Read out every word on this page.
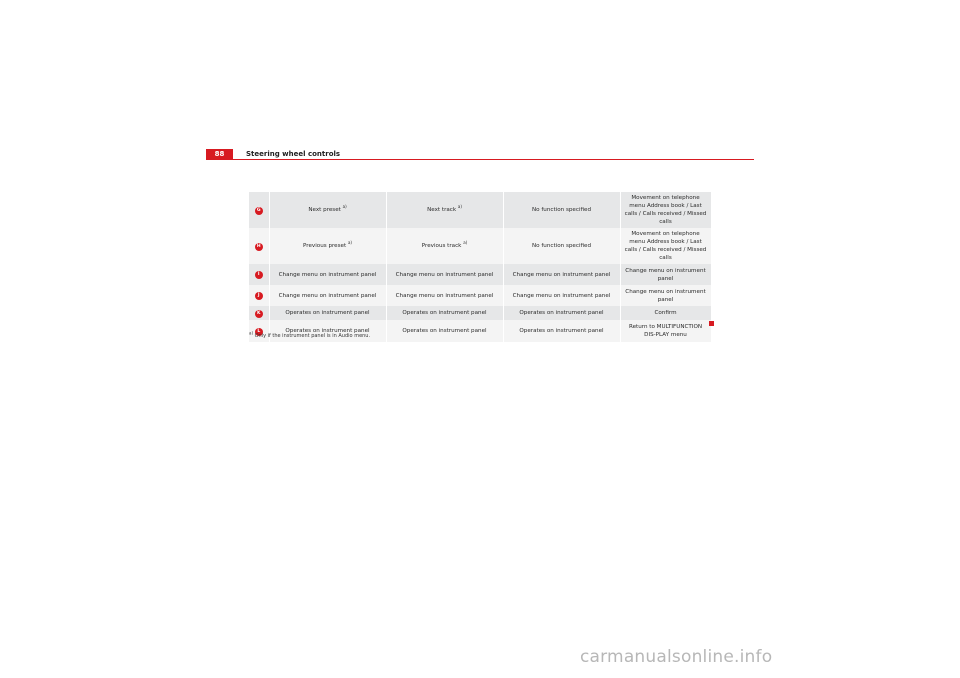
88	Steering wheel controls
G	Next preset $^{a)}$	Next track $^{a)}$	No function specified	Movement on telephone menu Address book / Last calls / Calls received / Missed calls
H	Previous preset $^{a)}$	Previous track $^{a)}$	No function specified	Movement on telephone menu Address book / Last calls / Calls received / Missed calls
I	Change menu on instrument panel	Change menu on instrument panel	Change menu on instrument panel	Change menu on instrument panel
J	Change menu on instrument panel	Change menu on instrument panel	Change menu on instrument panel	Change menu on instrument panel
K	Operates on instrument panel	Operates on instrument panel	Operates on instrument panel	Confirm
L	Operates on instrument panel	Operates on instrument panel	Operates on instrument panel	Return to MULTIFUNCTION DIS-PLAY menu
$^{a)}$ Only if the instrument panel is in Audio menu.
carmanualsonline.info
